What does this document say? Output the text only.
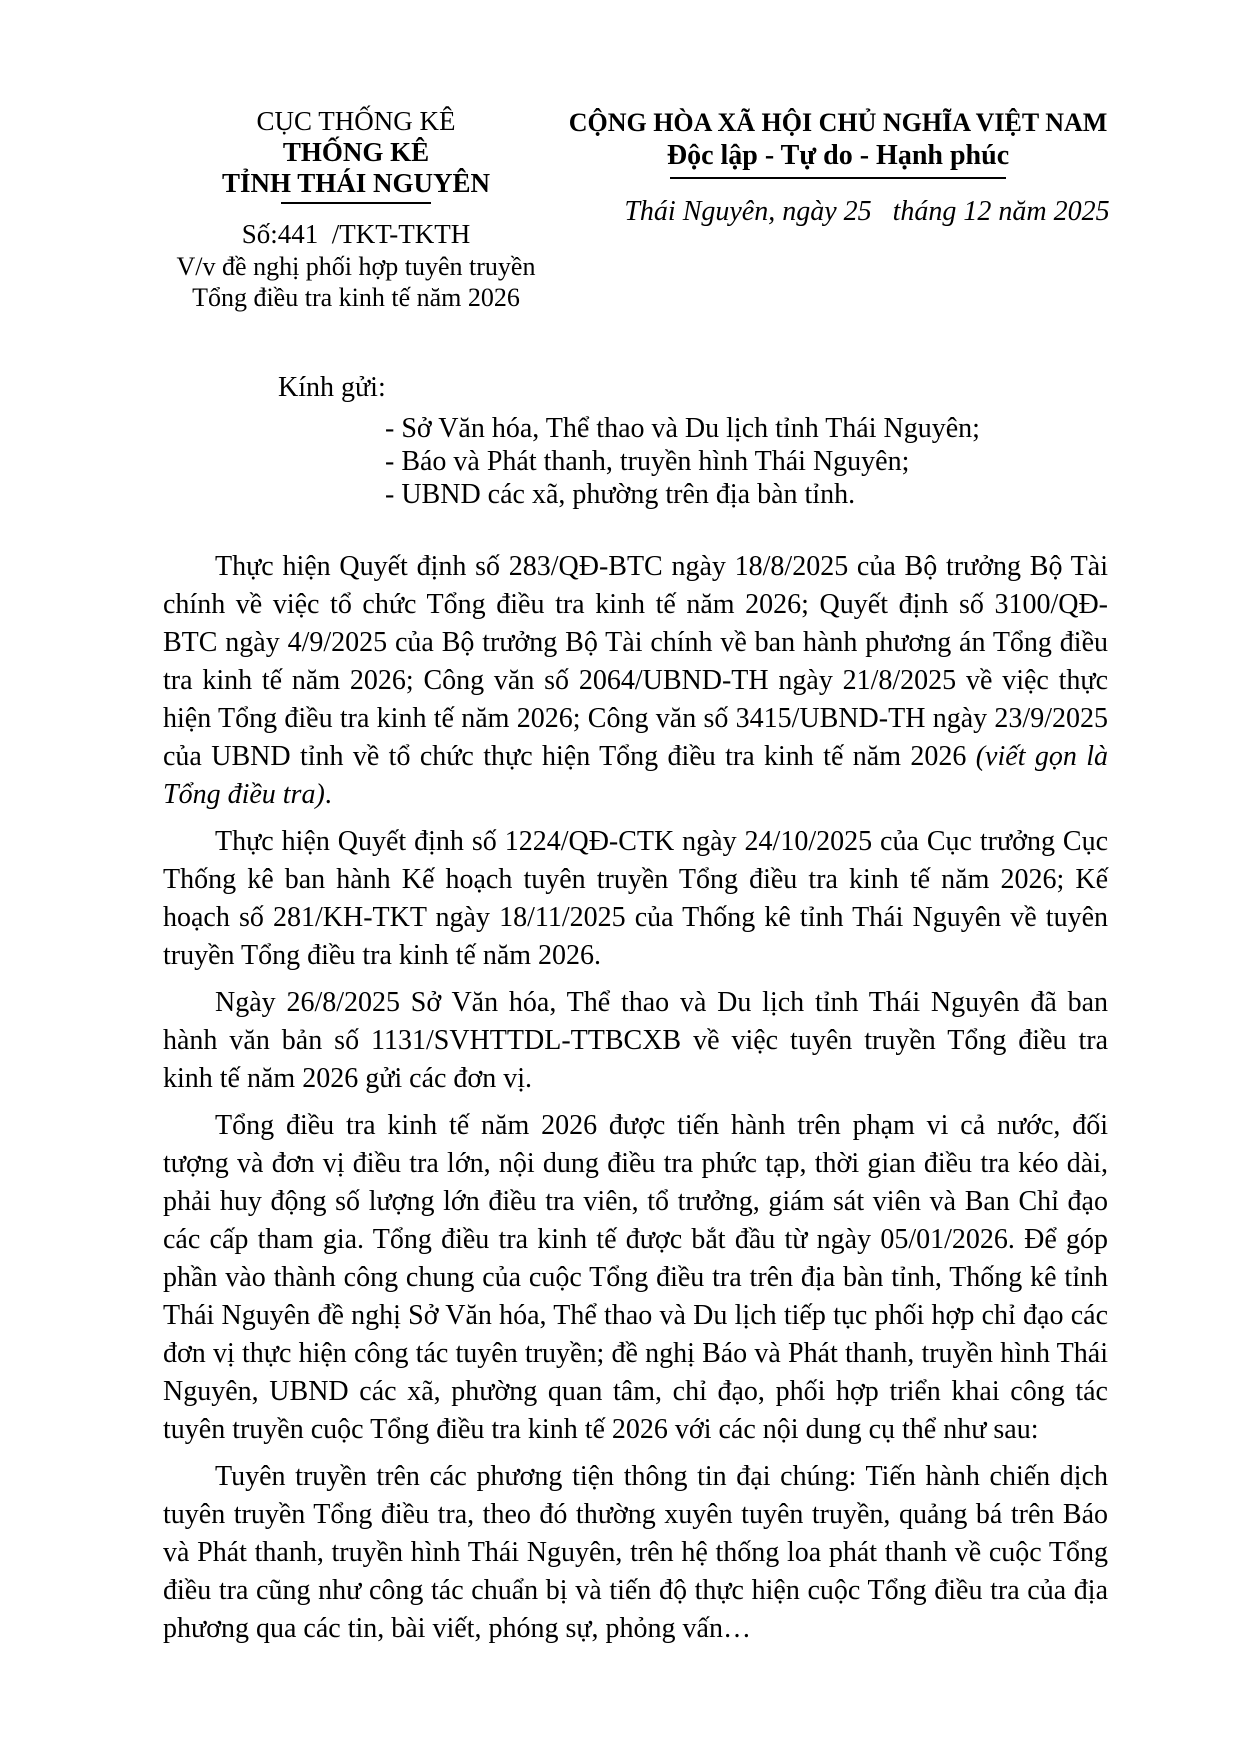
CỤC THỐNG KÊ
THỐNG KÊ
TỈNH THÁI NGUYÊN
Số:441  /TKT-TKTH
V/v đề nghị phối hợp tuyên truyền
Tổng điều tra kinh tế năm 2026
CỘNG HÒA XÃ HỘI CHỦ NGHĨA VIỆT NAM
Độc lập - Tự do - Hạnh phúc
Thái Nguyên, ngày 25   tháng 12 năm 2025
Kính gửi:
- Sở Văn hóa, Thể thao và Du lịch tỉnh Thái Nguyên;
- Báo và Phát thanh, truyền hình Thái Nguyên;
- UBND các xã, phường trên địa bàn tỉnh.

Thực hiện Quyết định số 283/QĐ-BTC ngày 18/8/2025 của Bộ trưởng Bộ Tài chính về việc tổ chức Tổng điều tra kinh tế năm 2026; Quyết định số 3100/QĐ-BTC ngày 4/9/2025 của Bộ trưởng Bộ Tài chính về ban hành phương án Tổng điều tra kinh tế năm 2026; Công văn số 2064/UBND-TH ngày 21/8/2025 về việc thực hiện Tổng điều tra kinh tế năm 2026; Công văn số 3415/UBND-TH ngày 23/9/2025 của UBND tỉnh về tổ chức thực hiện Tổng điều tra kinh tế năm 2026 (viết gọn là Tổng điều tra).

Thực hiện Quyết định số 1224/QĐ-CTK ngày 24/10/2025 của Cục trưởng Cục Thống kê ban hành Kế hoạch tuyên truyền Tổng điều tra kinh tế năm 2026; Kế hoạch số 281/KH-TKT ngày 18/11/2025 của Thống kê tỉnh Thái Nguyên về tuyên truyền Tổng điều tra kinh tế năm 2026.

Ngày 26/8/2025 Sở Văn hóa, Thể thao và Du lịch tỉnh Thái Nguyên đã ban hành văn bản số 1131/SVHTTDL-TTBCXB về việc tuyên truyền Tổng điều tra kinh tế năm 2026 gửi các đơn vị.

Tổng điều tra kinh tế năm 2026 được tiến hành trên phạm vi cả nước, đối tượng và đơn vị điều tra lớn, nội dung điều tra phức tạp, thời gian điều tra kéo dài, phải huy động số lượng lớn điều tra viên, tổ trưởng, giám sát viên và Ban Chỉ đạo các cấp tham gia. Tổng điều tra kinh tế được bắt đầu từ ngày 05/01/2026. Để góp phần vào thành công chung của cuộc Tổng điều tra trên địa bàn tỉnh, Thống kê tỉnh Thái Nguyên đề nghị Sở Văn hóa, Thể thao và Du lịch tiếp tục phối hợp chỉ đạo các đơn vị thực hiện công tác tuyên truyền; đề nghị Báo và Phát thanh, truyền hình Thái Nguyên, UBND các xã, phường quan tâm, chỉ đạo, phối hợp triển khai công tác tuyên truyền cuộc Tổng điều tra kinh tế 2026 với các nội dung cụ thể như sau:

Tuyên truyền trên các phương tiện thông tin đại chúng: Tiến hành chiến dịch tuyên truyền Tổng điều tra, theo đó thường xuyên tuyên truyền, quảng bá trên Báo và Phát thanh, truyền hình Thái Nguyên, trên hệ thống loa phát thanh về cuộc Tổng điều tra cũng như công tác chuẩn bị và tiến độ thực hiện cuộc Tổng điều tra của địa phương qua các tin, bài viết, phóng sự, phỏng vấn…
